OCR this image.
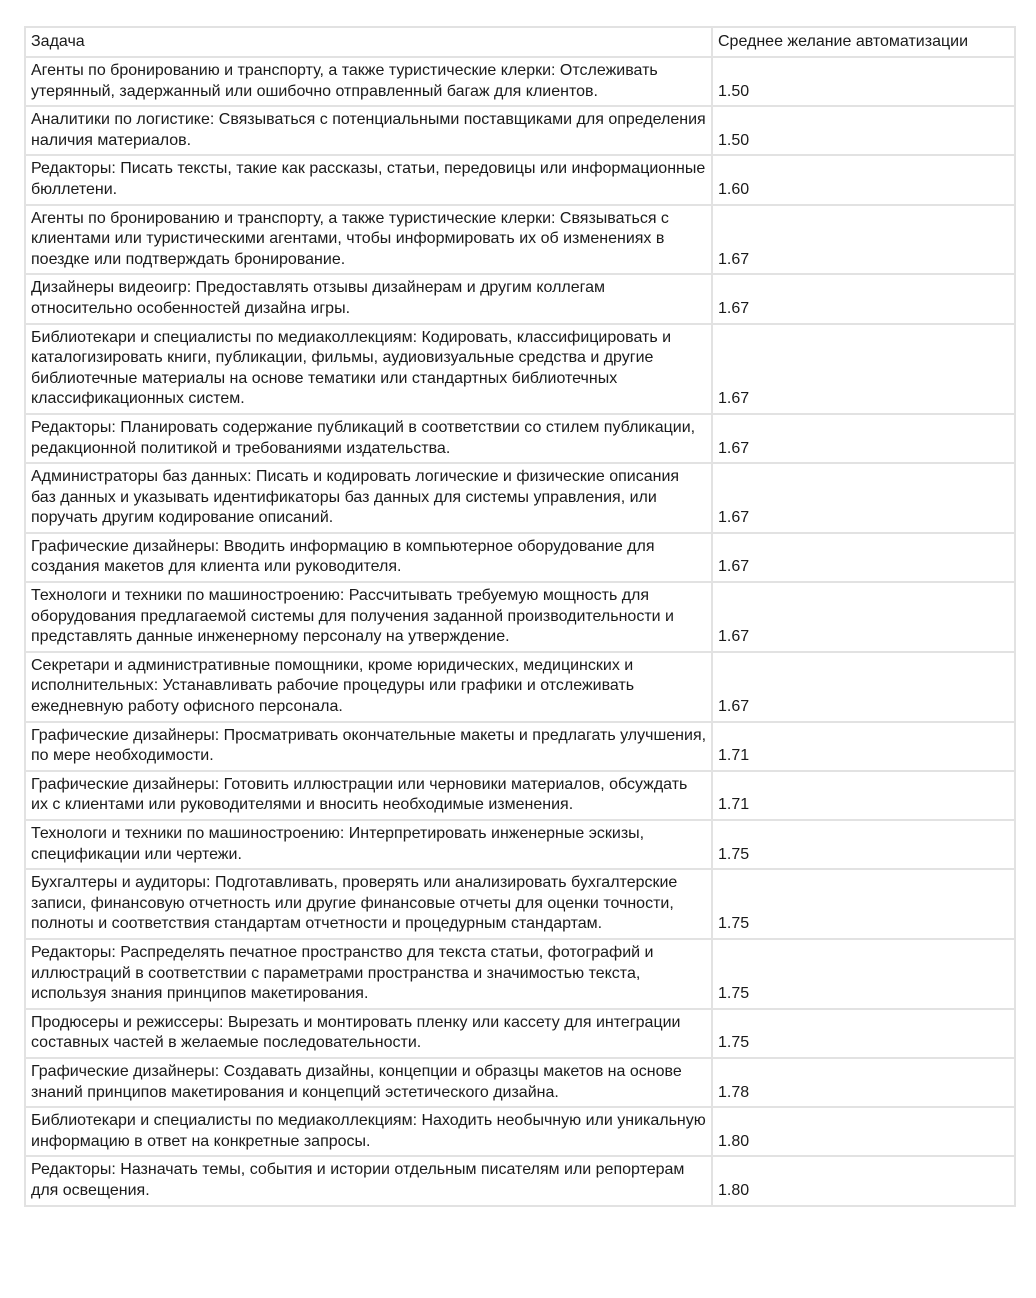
Задача	Среднее желание автоматизации
Агенты по бронированию и транспорту, а также туристические клерки: Отслеживать утерянный, задержанный или ошибочно отправленный багаж для клиентов.	1.50
Аналитики по логистике: Связываться с потенциальными поставщиками для определения наличия материалов.	1.50
Редакторы: Писать тексты, такие как рассказы, статьи, передовицы или информационные бюллетени.	1.60
Агенты по бронированию и транспорту, а также туристические клерки: Связываться с клиентами или туристическими агентами, чтобы информировать их об изменениях в поездке или подтверждать бронирование.	1.67
Дизайнеры видеоигр: Предоставлять отзывы дизайнерам и другим коллегам относительно особенностей дизайна игры.	1.67
Библиотекари и специалисты по медиаколлекциям: Кодировать, классифицировать и каталогизировать книги, публикации, фильмы, аудиовизуальные средства и другие библиотечные материалы на основе тематики или стандартных библиотечных классификационных систем.	1.67
Редакторы: Планировать содержание публикаций в соответствии со стилем публикации, редакционной политикой и требованиями издательства.	1.67
Администраторы баз данных: Писать и кодировать логические и физические описания баз данных и указывать идентификаторы баз данных для системы управления, или поручать другим кодирование описаний.	1.67
Графические дизайнеры: Вводить информацию в компьютерное оборудование для создания макетов для клиента или руководителя.	1.67
Технологи и техники по машиностроению: Рассчитывать требуемую мощность для оборудования предлагаемой системы для получения заданной производительности и представлять данные инженерному персоналу на утверждение.	1.67
Секретари и административные помощники, кроме юридических, медицинских и исполнительных: Устанавливать рабочие процедуры или графики и отслеживать ежедневную работу офисного персонала.	1.67
Графические дизайнеры: Просматривать окончательные макеты и предлагать улучшения, по мере необходимости.	1.71
Графические дизайнеры: Готовить иллюстрации или черновики материалов, обсуждать их с клиентами или руководителями и вносить необходимые изменения.	1.71
Технологи и техники по машиностроению: Интерпретировать инженерные эскизы, спецификации или чертежи.	1.75
Бухгалтеры и аудиторы: Подготавливать, проверять или анализировать бухгалтерские записи, финансовую отчетность или другие финансовые отчеты для оценки точности, полноты и соответствия стандартам отчетности и процедурным стандартам.	1.75
Редакторы: Распределять печатное пространство для текста статьи, фотографий и иллюстраций в соответствии с параметрами пространства и значимостью текста, используя знания принципов макетирования.	1.75
Продюсеры и режиссеры: Вырезать и монтировать пленку или кассету для интеграции составных частей в желаемые последовательности.	1.75
Графические дизайнеры: Создавать дизайны, концепции и образцы макетов на основе знаний принципов макетирования и концепций эстетического дизайна.	1.78
Библиотекари и специалисты по медиаколлекциям: Находить необычную или уникальную информацию в ответ на конкретные запросы.	1.80
Редакторы: Назначать темы, события и истории отдельным писателям или репортерам для освещения.	1.80
